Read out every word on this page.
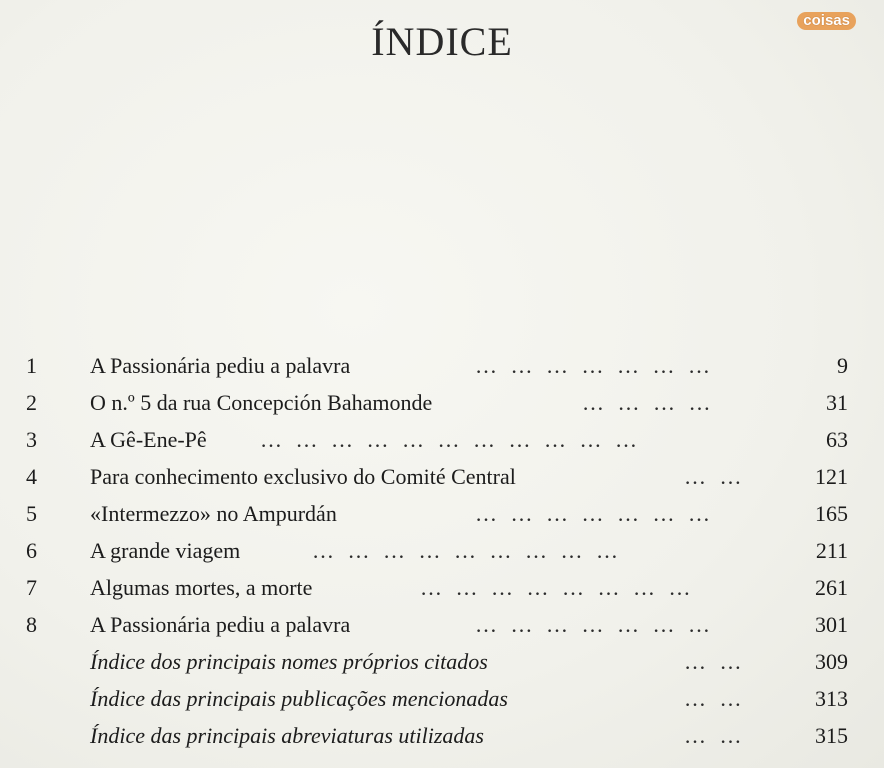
ÍNDICE	coisas
1	A Passionária pediu a palavra	… … … … … … …	9
2	O n.º 5 da rua Concepción Bahamonde	… … … …	31
3	A Gê-Ene-Pê … … … … … … … … … … …	63
4	Para conhecimento exclusivo do Comité Central	… …	121
5	«Intermezzo» no Ampurdán	… … … … … … …	165
6	A grande viagem	… … … … … … … … …	211
7	Algumas mortes, a morte	… … … … … … … …	261
8	A Passionária pediu a palavra	… … … … … … …	301
Índice dos principais nomes próprios citados	… …	309
Índice das principais publicações mencionadas	… …	313
Índice das principais abreviaturas utilizadas	… …	315
